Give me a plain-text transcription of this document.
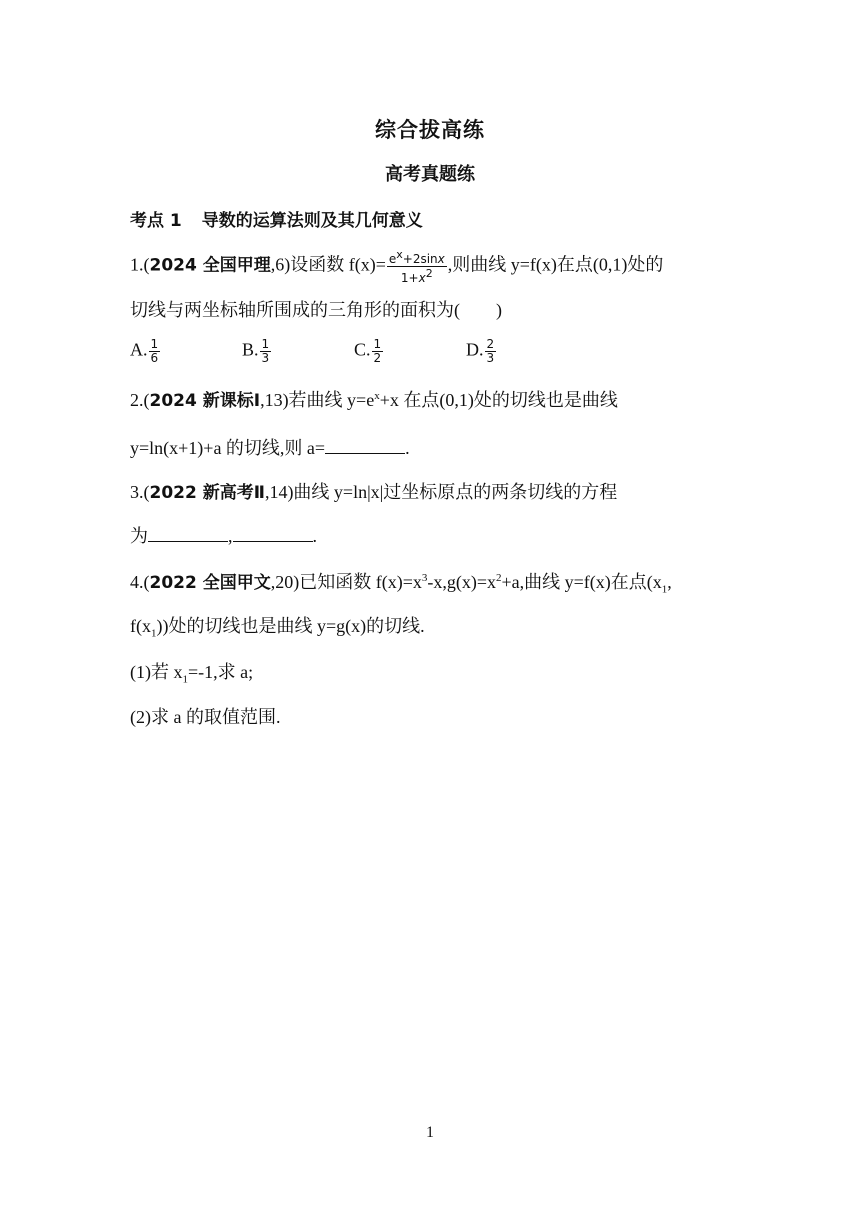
综合拔高练
高考真题练
考点 1 导数的运算法则及其几何意义
1.(2024 全国甲理,6)设函数 $f(x)= \frac{e^x+2\sin x}{1+x^2}$ ,则曲线 y=f(x)在点(0,1)处的
切线与两坐标轴所围成的三角形的面积为(　　)
A. $\frac{1}{6}$	B. $\frac{1}{3}$	C. $\frac{1}{2}$	D. $\frac{2}{3}$
2.(2024 新课标Ⅰ,13)若曲线 $y=e^x+x$ 在点(0,1)处的切线也是曲线
y=ln(x+1)+a 的切线,则 a=	.
3.(2022 新高考Ⅱ,14)曲线 y=ln|x|过坐标原点的两条切线的方程
为	,	.
4.(2022 全国甲文,20)已知函数 $f(x)=x^3-x,g(x)=x^2+a$,曲线 y=f(x)在点($x_1$,
$f(x_1)$)处的切线也是曲线 y=g(x)的切线.
(1)若 $x_1=-1$,求 a;
(2)求 a 的取值范围.
1
